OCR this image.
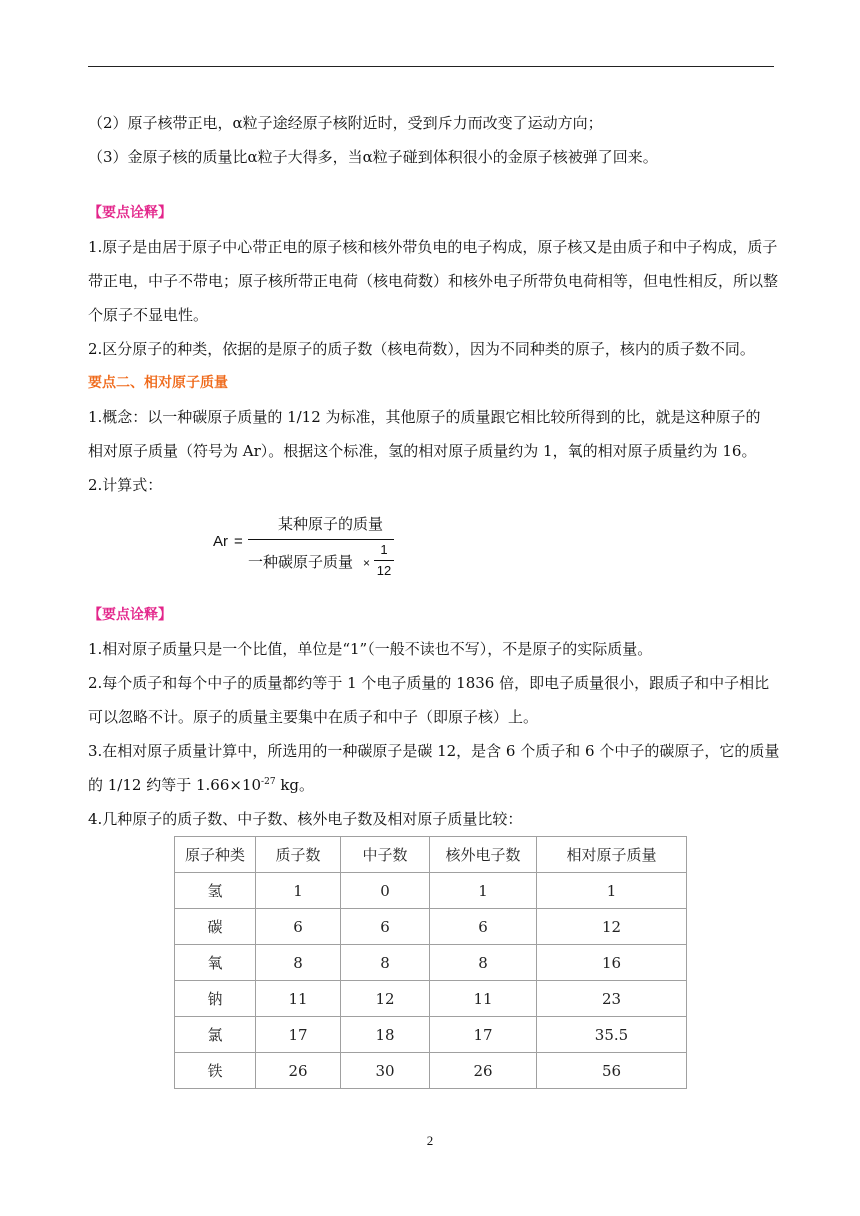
（2）原子核带正电，α粒子途经原子核附近时，受到斥力而改变了运动方向；

（3）金原子核的质量比α粒子大得多，当α粒子碰到体积很小的金原子核被弹了回来。

【要点诠释】

1.原子是由居于原子中心带正电的原子核和核外带负电的电子构成，原子核又是由质子和中子构成，质子带正电，中子不带电；原子核所带正电荷（核电荷数）和核外电子所带负电荷相等，但电性相反，所以整个原子不显电性。

2.区分原子的种类，依据的是原子的质子数（核电荷数），因为不同种类的原子，核内的质子数不同。

要点二、相对原子质量

1.概念：以一种碳原子质量的 1/12 为标准，其他原子的质量跟它相比较所得到的比，就是这种原子的

相对原子质量（符号为 Ar）。根据这个标准，氢的相对原子质量约为 1，氧的相对原子质量约为 16。

2.计算式：

Ar =
某种原子的质量
一种碳原子质量 ×
1
12

【要点诠释】

1.相对原子质量只是一个比值，单位是“1”（一般不读也不写），不是原子的实际质量。

2.每个质子和每个中子的质量都约等于 1 个电子质量的 1836 倍，即电子质量很小，跟质子和中子相比

可以忽略不计。原子的质量主要集中在质子和中子（即原子核）上。

3.在相对原子质量计算中，所选用的一种碳原子是碳 12，是含 6 个质子和 6 个中子的碳原子，它的质量

的 1/12 约等于 $1.66\times 10^{-27}$ kg。

4.几种原子的质子数、中子数、核外电子数及相对原子质量比较：

原子种类	质子数	中子数	核外电子数	相对原子质量
氢	1	0	1	1
碳	6	6	6	12
氧	8	8	8	16
钠	11	12	11	23
氯	17	18	17	35.5
铁	26	30	26	56
2
